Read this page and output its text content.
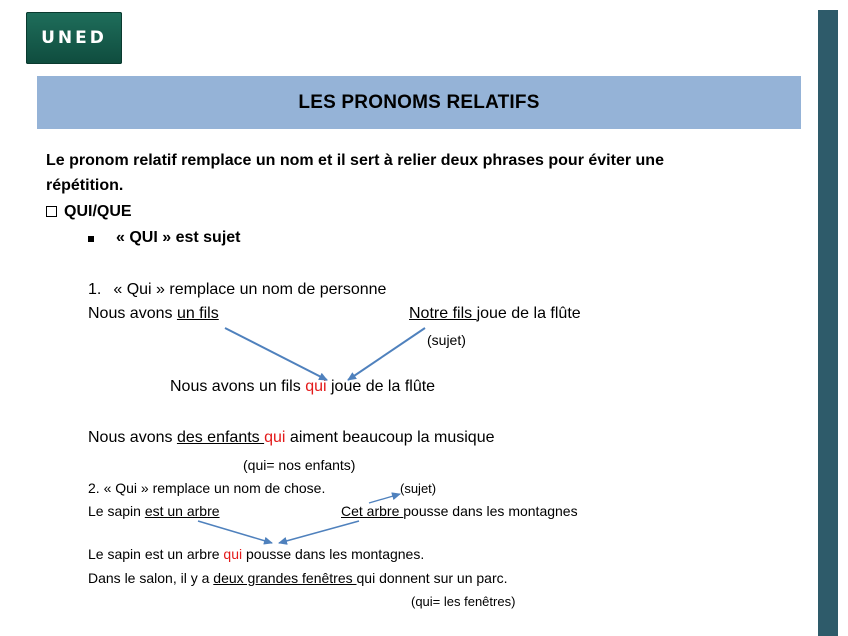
UNED
LES PRONOMS RELATIFS
Le pronom relatif remplace un nom et il sert à relier deux phrases pour éviter une
répétition.
QUI/QUE
« QUI » est sujet
1. « Qui » remplace un nom de personne
Nous avons un fils	Notre fils joue de la flûte
(sujet)
Nous avons un fils qui joue de la flûte
Nous avons des enfants qui aiment beaucoup la musique
(qui= nos enfants)
2. « Qui » remplace un nom de chose.	(sujet)
Le sapin est un arbre	Cet arbre pousse dans les montagnes
Le sapin est un arbre qui pousse dans les montagnes.
Dans le salon, il y a deux grandes fenêtres qui donnent sur un parc.
(qui= les fenêtres)
